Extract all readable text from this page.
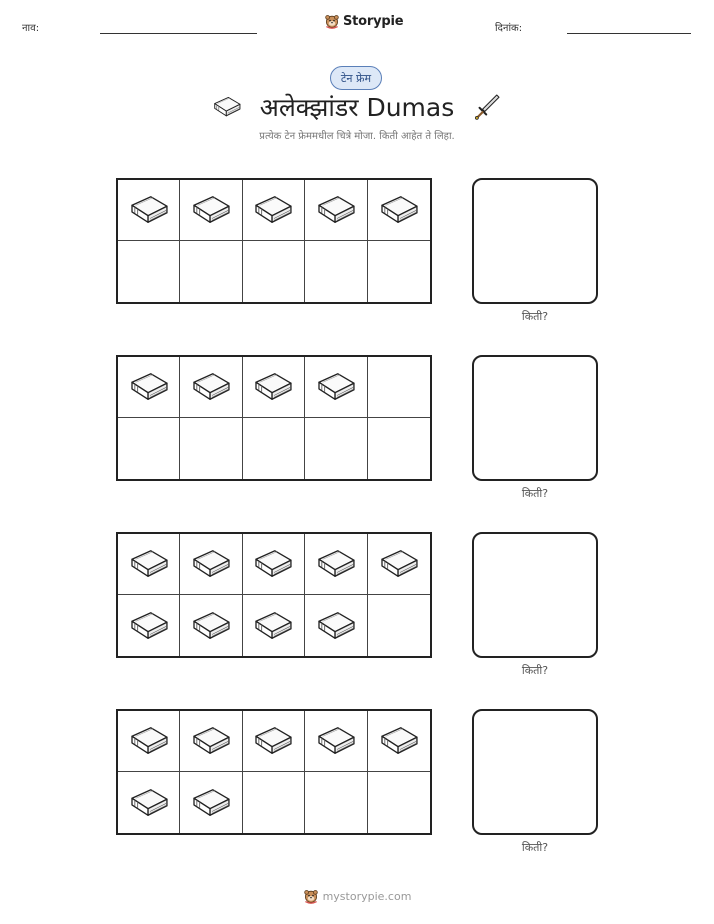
नाव:	Storypie	दिनांक:
टेन फ्रेम
अलेक्झांडर Dumas
प्रत्येक टेन फ्रेममधील चित्रे मोजा. किती आहेत ते लिहा.
किती?
किती?
किती?
किती?
mystorypie.com
